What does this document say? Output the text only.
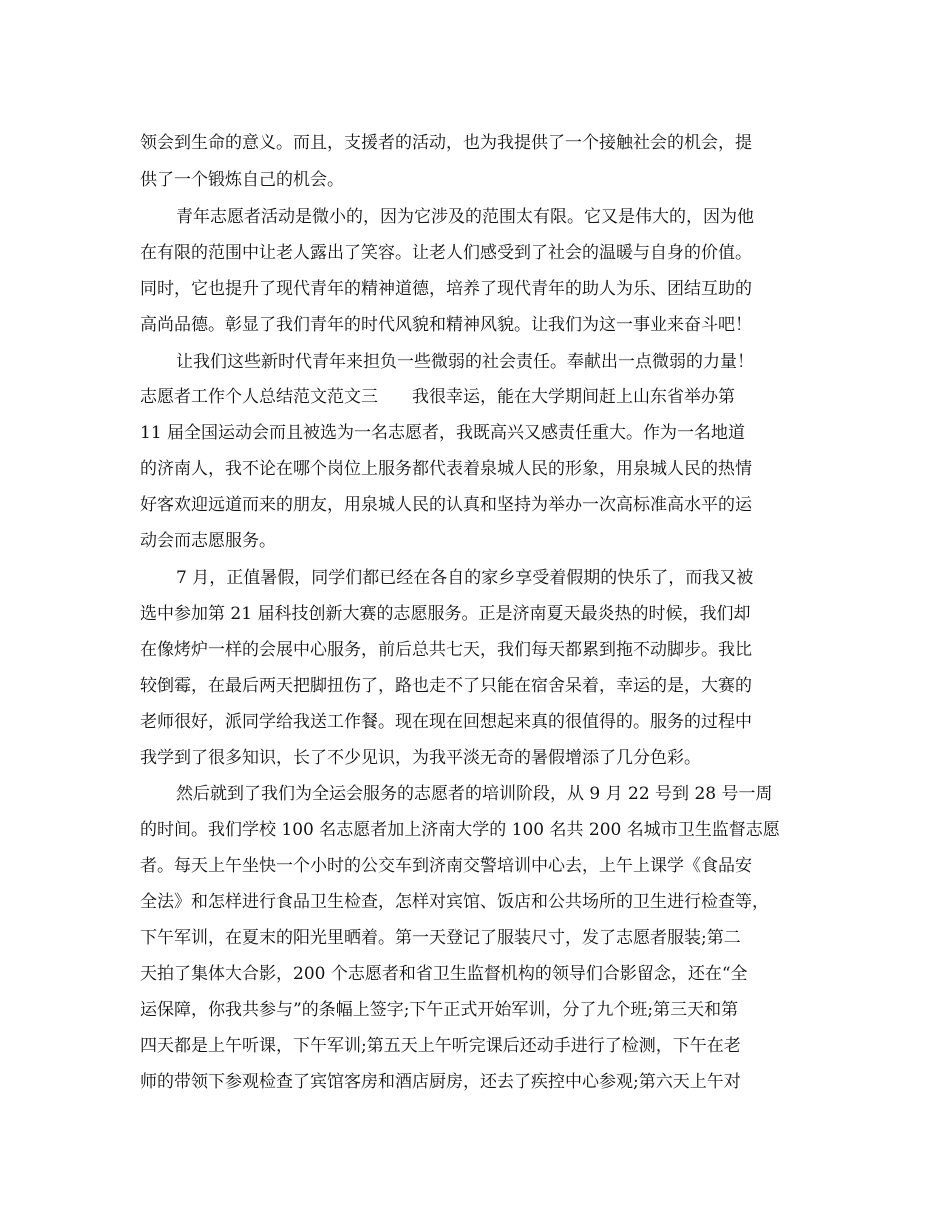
领会到生命的意义。而且，支援者的活动，也为我提供了一个接触社会的机会，提
供了一个锻炼自己的机会。
青年志愿者活动是微小的，因为它涉及的范围太有限。它又是伟大的，因为他
在有限的范围中让老人露出了笑容。让老人们感受到了社会的温暖与自身的价值。
同时，它也提升了现代青年的精神道德，培养了现代青年的助人为乐、团结互助的
高尚品德。彰显了我们青年的时代风貌和精神风貌。让我们为这一事业来奋斗吧！
让我们这些新时代青年来担负一些微弱的社会责任。奉献出一点微弱的力量！
志愿者工作个人总结范文范文三　　我很幸运，能在大学期间赶上山东省举办第
11 届全国运动会而且被选为一名志愿者，我既高兴又感责任重大。作为一名地道
的济南人，我不论在哪个岗位上服务都代表着泉城人民的形象，用泉城人民的热情
好客欢迎远道而来的朋友，用泉城人民的认真和坚持为举办一次高标准高水平的运
动会而志愿服务。
7 月，正值暑假，同学们都已经在各自的家乡享受着假期的快乐了，而我又被
选中参加第 21 届科技创新大赛的志愿服务。正是济南夏天最炎热的时候，我们却
在像烤炉一样的会展中心服务，前后总共七天，我们每天都累到拖不动脚步。我比
较倒霉，在最后两天把脚扭伤了，路也走不了只能在宿舍呆着，幸运的是，大赛的
老师很好，派同学给我送工作餐。现在现在回想起来真的很值得的。服务的过程中
我学到了很多知识，长了不少见识，为我平淡无奇的暑假增添了几分色彩。
然后就到了我们为全运会服务的志愿者的培训阶段，从 9 月 22 号到 28 号一周
的时间。我们学校 100 名志愿者加上济南大学的 100 名共 200 名城市卫生监督志愿
者。每天上午坐快一个小时的公交车到济南交警培训中心去，上午上课学《食品安
全法》和怎样进行食品卫生检查，怎样对宾馆、饭店和公共场所的卫生进行检查等，
下午军训，在夏末的阳光里晒着。第一天登记了服装尺寸，发了志愿者服装;第二
天拍了集体大合影，200 个志愿者和省卫生监督机构的领导们合影留念，还在“全
运保障，你我共参与”的条幅上签字;下午正式开始军训，分了九个班;第三天和第
四天都是上午听课，下午军训;第五天上午听完课后还动手进行了检测，下午在老
师的带领下参观检查了宾馆客房和酒店厨房，还去了疾控中心参观;第六天上午对
